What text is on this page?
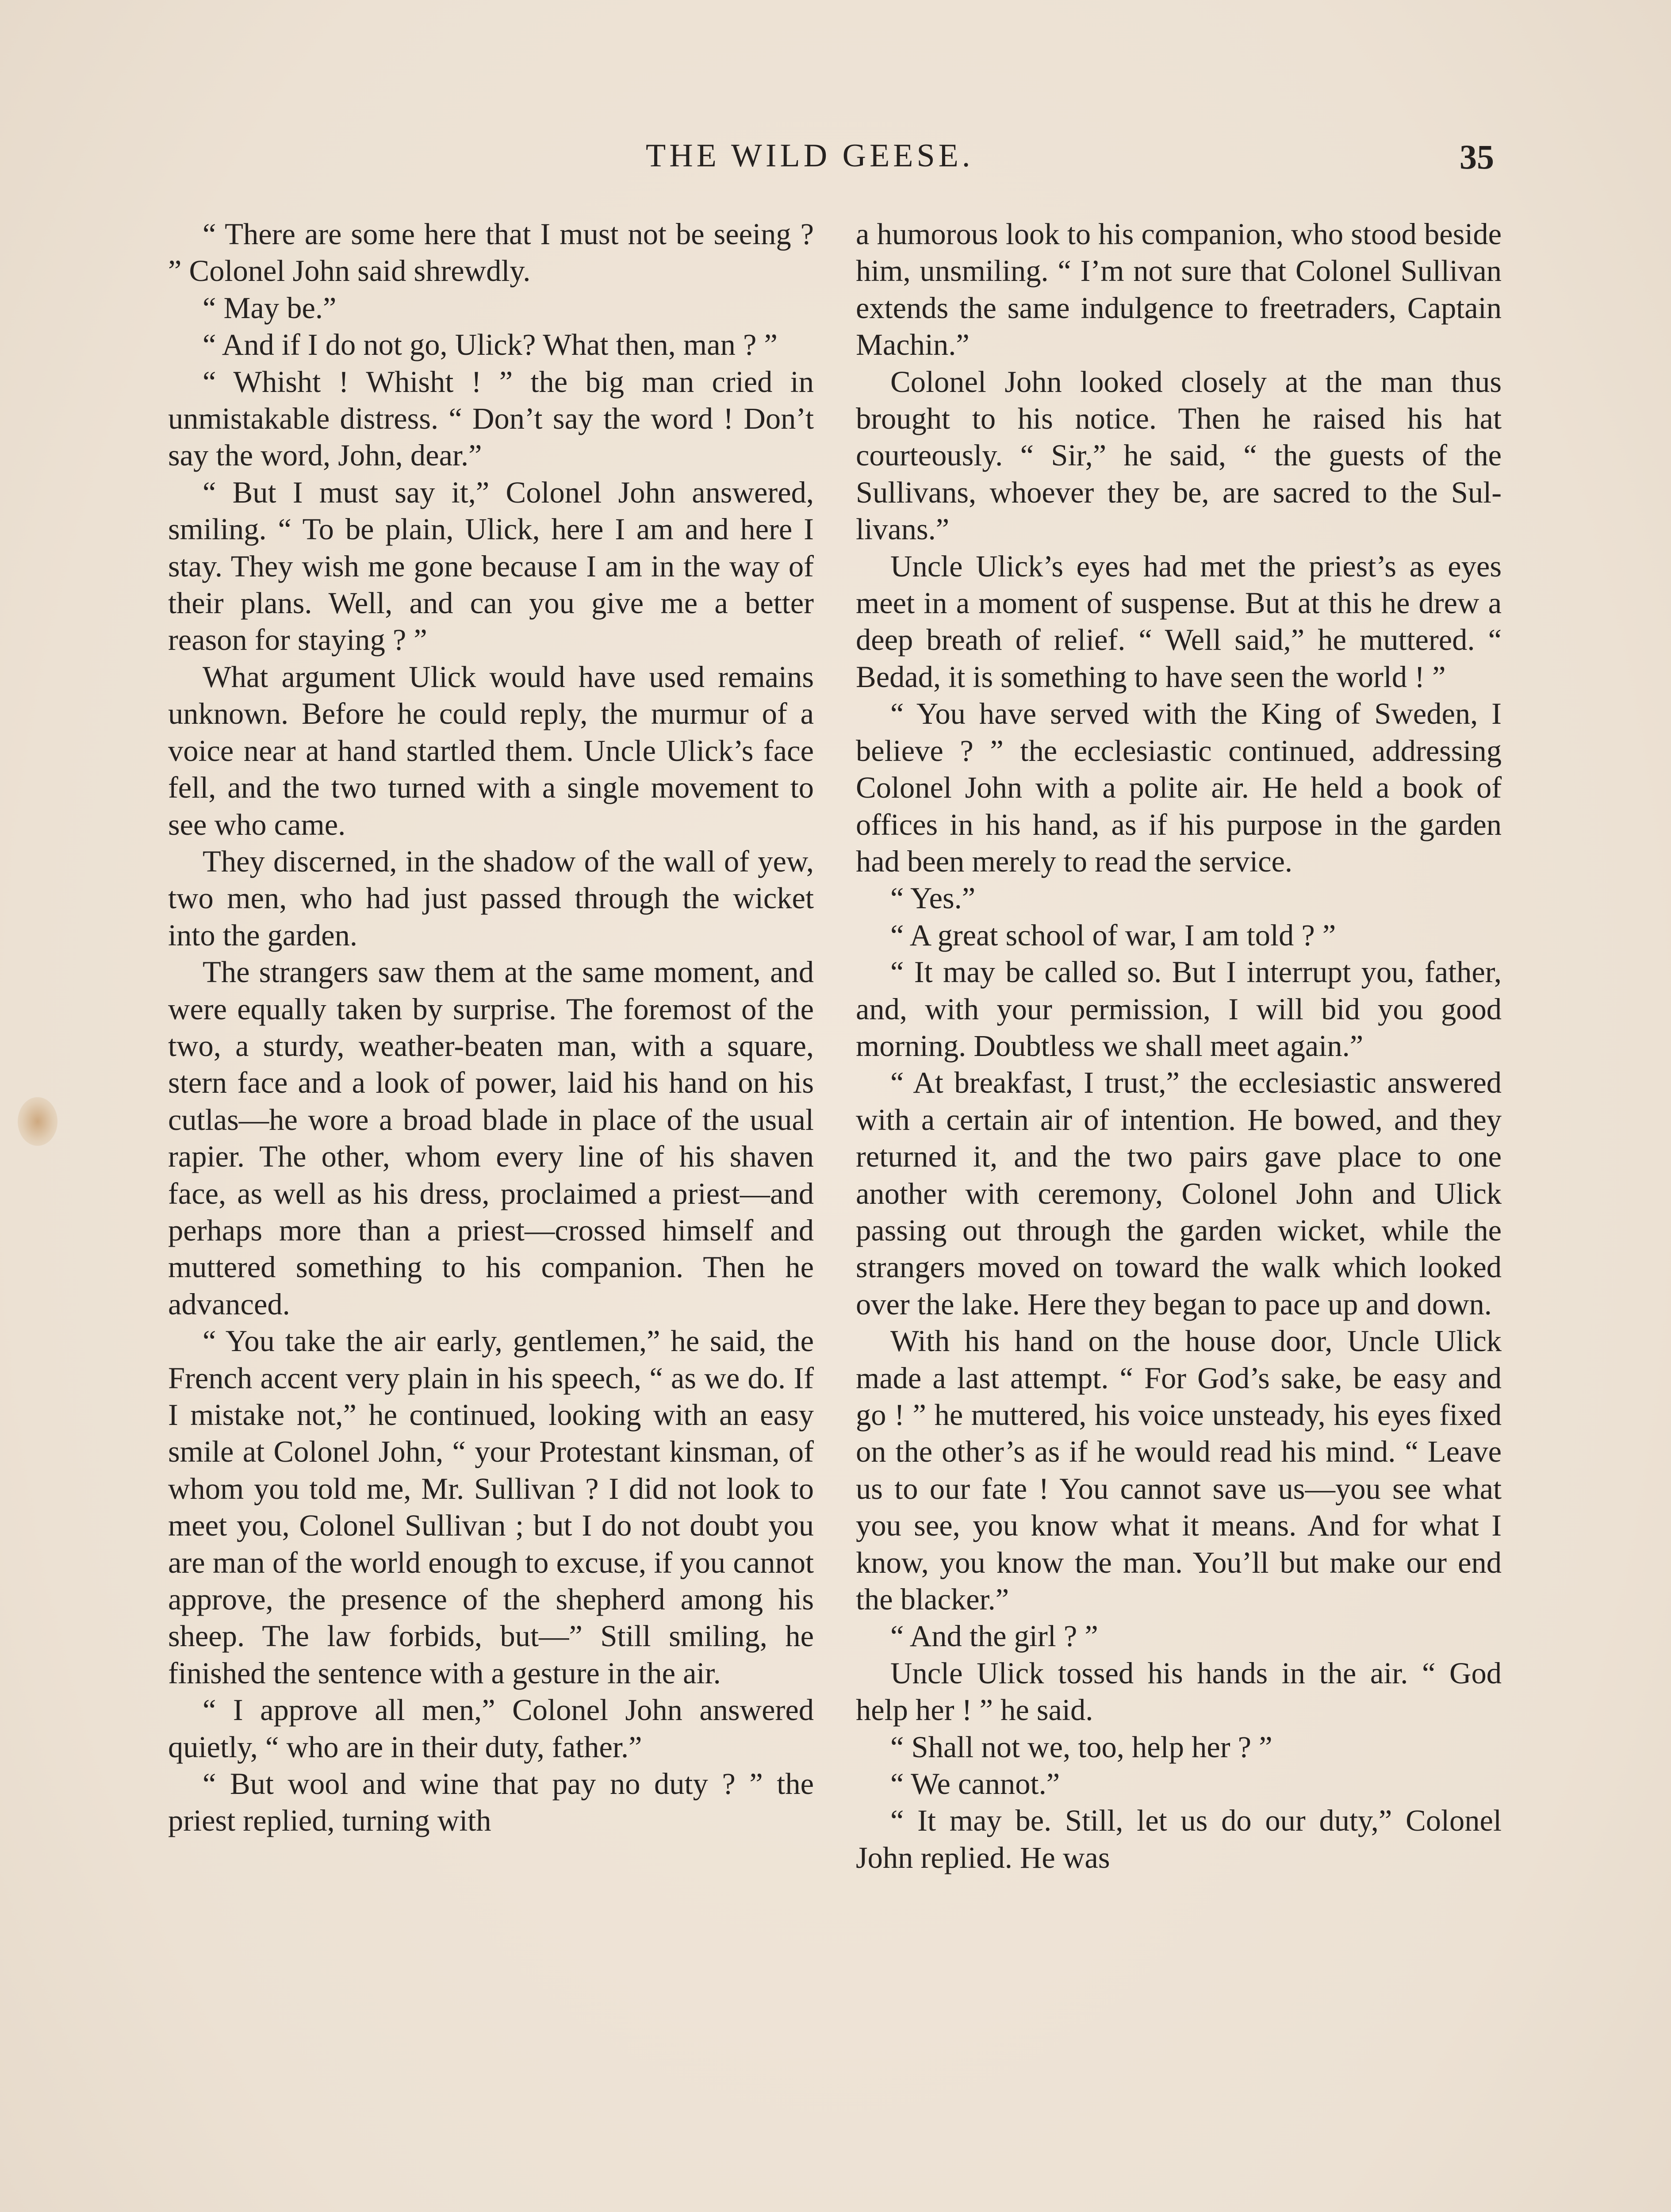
THE WILD GEESE.	35

“ There are some here that I must not be seeing ? ” Colonel John said shrewdly.

“ May be.”

“ And if I do not go, Ulick? What then, man ? ”

“ Whisht ! Whisht ! ” the big man cried in unmistakable distress. “ Don’t say the word ! Don’t say the word, John, dear.”

“ But I must say it,” Colonel John answered, smiling. “ To be plain, Ulick, here I am and here I stay. They wish me gone because I am in the way of their plans. Well, and can you give me a better reason for staying ? ”

What argument Ulick would have used remains unknown. Before he could reply, the murmur of a voice near at hand startled them. Uncle Ulick’s face fell, and the two turned with a single movement to see who came.

They discerned, in the shadow of the wall of yew, two men, who had just passed through the wicket into the garden.

The strangers saw them at the same moment, and were equally taken by surprise. The foremost of the two, a sturdy, weather-beaten man, with a square, stern face and a look of power, laid his hand on his cutlas—he wore a broad blade in place of the usual rapier. The other, whom every line of his shaven face, as well as his dress, proclaimed a priest—and perhaps more than a priest—crossed himself and muttered something to his companion. Then he advanced.

“ You take the air early, gentlemen,” he said, the French accent very plain in his speech, “ as we do. If I mistake not,” he continued, looking with an easy smile at Colonel John, “ your Protestant kinsman, of whom you told me, Mr. Sullivan ? I did not look to meet you, Colonel Sullivan ; but I do not doubt you are man of the world enough to excuse, if you cannot approve, the presence of the shepherd among his sheep. The law forbids, but—” Still smiling, he finished the sentence with a gesture in the air.

“ I approve all men,” Colonel John answered quietly, “ who are in their duty, father.”

“ But wool and wine that pay no duty ? ” the priest replied, turning with

a humorous look to his companion, who stood beside him, unsmiling. “ I’m not sure that Colonel Sullivan extends the same indulgence to freetraders, Captain Machin.”

Colonel John looked closely at the man thus brought to his notice. Then he raised his hat courteously. “ Sir,” he said, “ the guests of the Sullivans, whoever they be, are sacred to the Sullivans.”

Uncle Ulick’s eyes had met the priest’s as eyes meet in a moment of suspense. But at this he drew a deep breath of relief. “ Well said,” he muttered. “ Bedad, it is something to have seen the world ! ”

“ You have served with the King of Sweden, I believe ? ” the ecclesiastic continued, addressing Colonel John with a polite air. He held a book of offices in his hand, as if his purpose in the garden had been merely to read the service.

“ Yes.”

“ A great school of war, I am told ? ”

“ It may be called so. But I interrupt you, father, and, with your permission, I will bid you good morning. Doubtless we shall meet again.”

“ At breakfast, I trust,” the ecclesiastic answered with a certain air of intention. He bowed, and they returned it, and the two pairs gave place to one another with ceremony, Colonel John and Ulick passing out through the garden wicket, while the strangers moved on toward the walk which looked over the lake. Here they began to pace up and down.

With his hand on the house door, Uncle Ulick made a last attempt. “ For God’s sake, be easy and go ! ” he muttered, his voice unsteady, his eyes fixed on the other’s as if he would read his mind. “ Leave us to our fate ! You cannot save us—you see what you see, you know what it means. And for what I know, you know the man. You’ll but make our end the blacker.”

“ And the girl ? ”

Uncle Ulick tossed his hands in the air. “ God help her ! ” he said.

“ Shall not we, too, help her ? ”

“ We cannot.”

“ It may be. Still, let us do our duty,” Colonel John replied. He was
